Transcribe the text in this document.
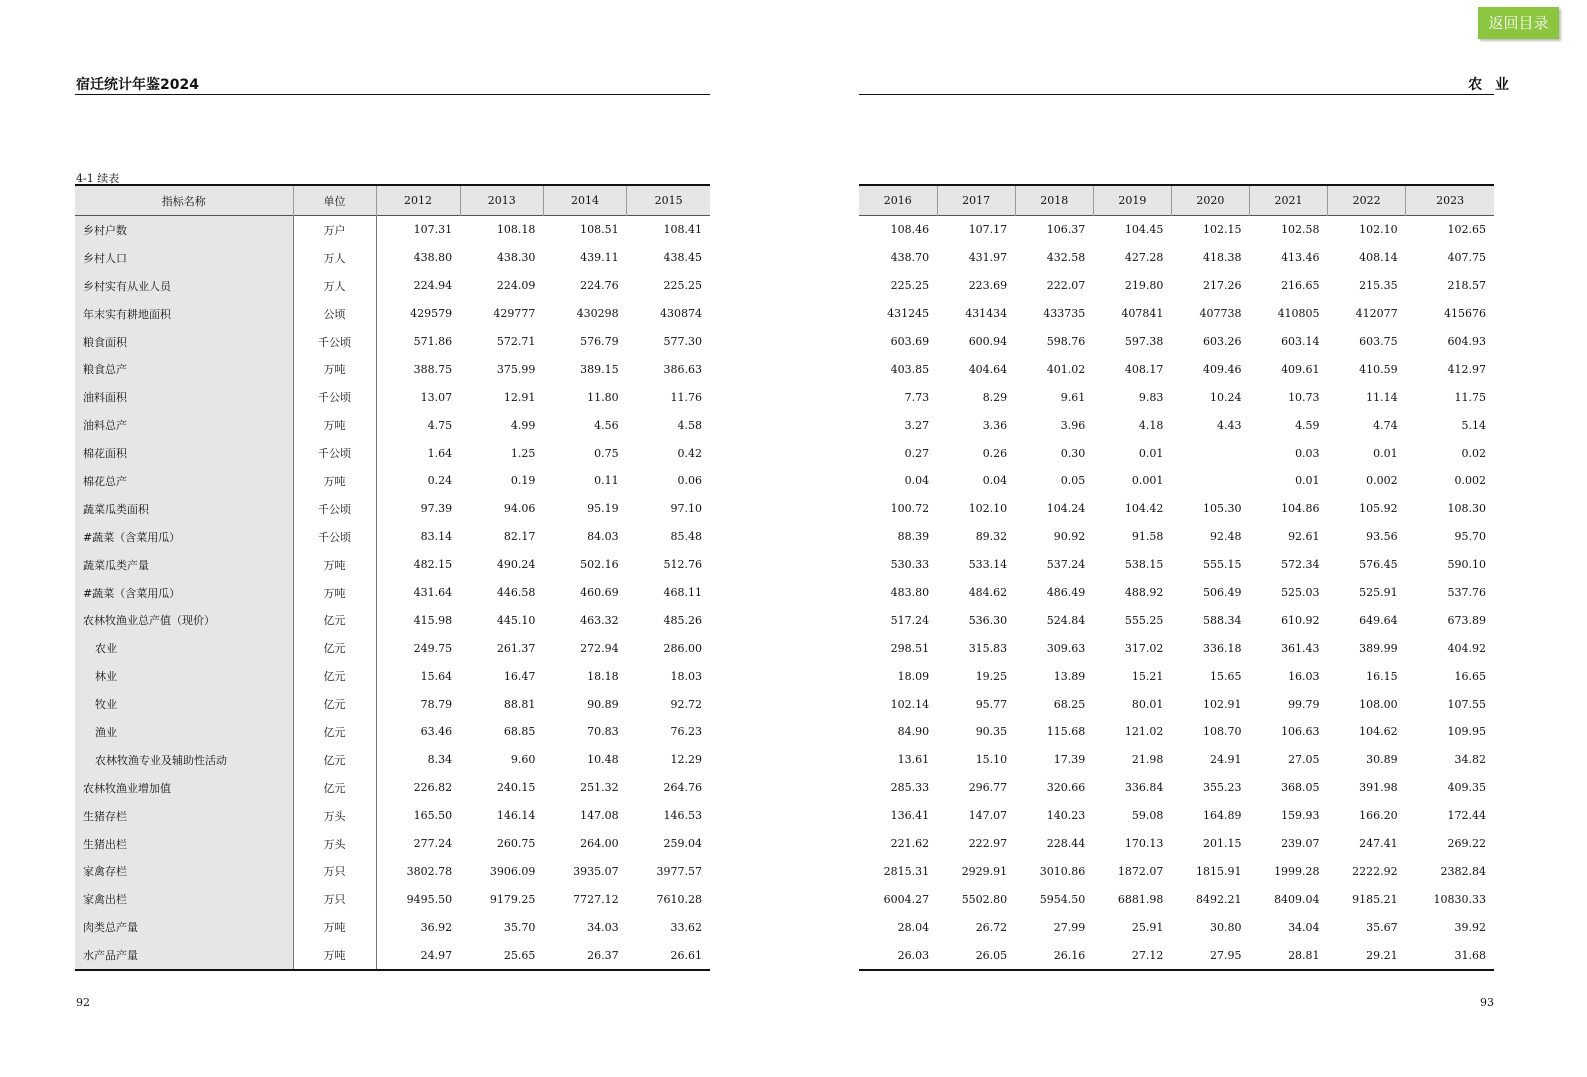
返回目录
宿迁统计年鉴2024	农 业
4-1 续表
指标名称	单位	2012	2013	2014	2015
乡村户数	万户	107.31	108.18	108.51	108.41
乡村人口	万人	438.80	438.30	439.11	438.45
乡村实有从业人员	万人	224.94	224.09	224.76	225.25
年末实有耕地面积	公顷	429579	429777	430298	430874
粮食面积	千公顷	571.86	572.71	576.79	577.30
粮食总产	万吨	388.75	375.99	389.15	386.63
油料面积	千公顷	13.07	12.91	11.80	11.76
油料总产	万吨	4.75	4.99	4.56	4.58
棉花面积	千公顷	1.64	1.25	0.75	0.42
棉花总产	万吨	0.24	0.19	0.11	0.06
蔬菜瓜类面积	千公顷	97.39	94.06	95.19	97.10
#蔬菜（含菜用瓜）	千公顷	83.14	82.17	84.03	85.48
蔬菜瓜类产量	万吨	482.15	490.24	502.16	512.76
#蔬菜（含菜用瓜）	万吨	431.64	446.58	460.69	468.11
农林牧渔业总产值（现价）	亿元	415.98	445.10	463.32	485.26
农业	亿元	249.75	261.37	272.94	286.00
林业	亿元	15.64	16.47	18.18	18.03
牧业	亿元	78.79	88.81	90.89	92.72
渔业	亿元	63.46	68.85	70.83	76.23
农林牧渔专业及辅助性活动	亿元	8.34	9.60	10.48	12.29
农林牧渔业增加值	亿元	226.82	240.15	251.32	264.76
生猪存栏	万头	165.50	146.14	147.08	146.53
生猪出栏	万头	277.24	260.75	264.00	259.04
家禽存栏	万只	3802.78	3906.09	3935.07	3977.57
家禽出栏	万只	9495.50	9179.25	7727.12	7610.28
肉类总产量	万吨	36.92	35.70	34.03	33.62
水产品产量	万吨	24.97	25.65	26.37	26.61
2016	2017	2018	2019	2020	2021	2022	2023
108.46	107.17	106.37	104.45	102.15	102.58	102.10	102.65
438.70	431.97	432.58	427.28	418.38	413.46	408.14	407.75
225.25	223.69	222.07	219.80	217.26	216.65	215.35	218.57
431245	431434	433735	407841	407738	410805	412077	415676
603.69	600.94	598.76	597.38	603.26	603.14	603.75	604.93
403.85	404.64	401.02	408.17	409.46	409.61	410.59	412.97
7.73	8.29	9.61	9.83	10.24	10.73	11.14	11.75
3.27	3.36	3.96	4.18	4.43	4.59	4.74	5.14
0.27	0.26	0.30	0.01		0.03	0.01	0.02
0.04	0.04	0.05	0.001		0.01	0.002	0.002
100.72	102.10	104.24	104.42	105.30	104.86	105.92	108.30
88.39	89.32	90.92	91.58	92.48	92.61	93.56	95.70
530.33	533.14	537.24	538.15	555.15	572.34	576.45	590.10
483.80	484.62	486.49	488.92	506.49	525.03	525.91	537.76
517.24	536.30	524.84	555.25	588.34	610.92	649.64	673.89
298.51	315.83	309.63	317.02	336.18	361.43	389.99	404.92
18.09	19.25	13.89	15.21	15.65	16.03	16.15	16.65
102.14	95.77	68.25	80.01	102.91	99.79	108.00	107.55
84.90	90.35	115.68	121.02	108.70	106.63	104.62	109.95
13.61	15.10	17.39	21.98	24.91	27.05	30.89	34.82
285.33	296.77	320.66	336.84	355.23	368.05	391.98	409.35
136.41	147.07	140.23	59.08	164.89	159.93	166.20	172.44
221.62	222.97	228.44	170.13	201.15	239.07	247.41	269.22
2815.31	2929.91	3010.86	1872.07	1815.91	1999.28	2222.92	2382.84
6004.27	5502.80	5954.50	6881.98	8492.21	8409.04	9185.21	10830.33
28.04	26.72	27.99	25.91	30.80	34.04	35.67	39.92
26.03	26.05	26.16	27.12	27.95	28.81	29.21	31.68
92	93
